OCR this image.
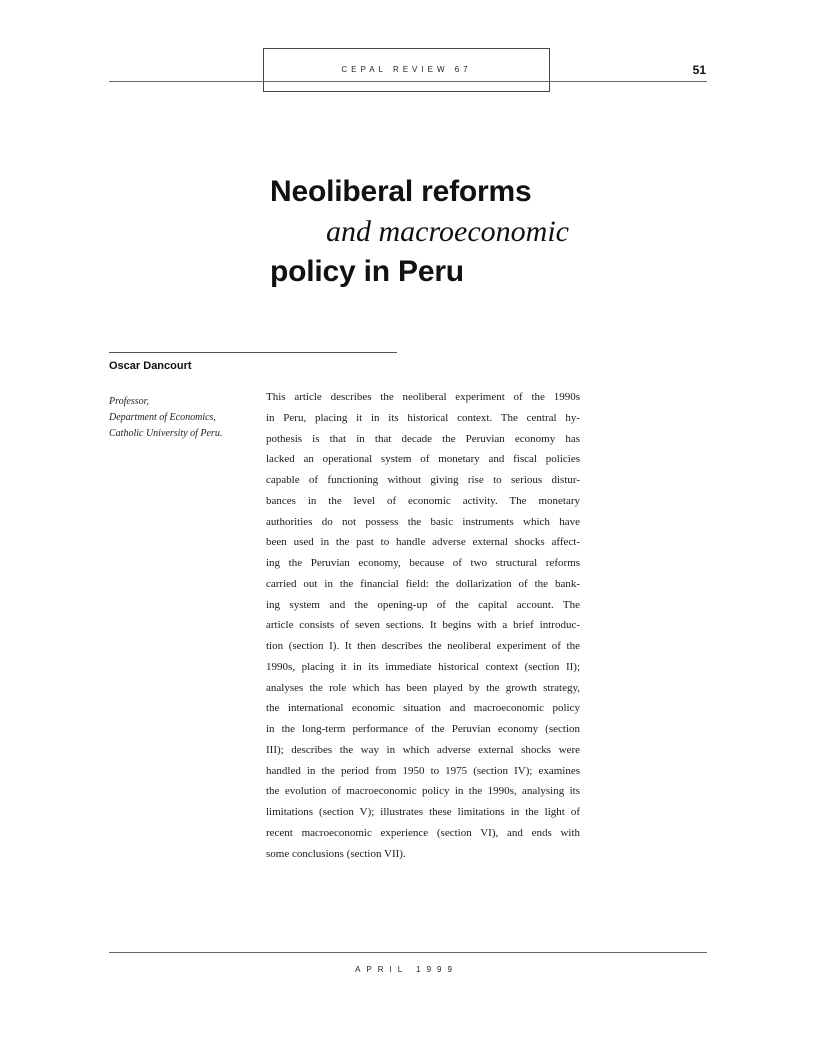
CEPAL REVIEW 67	51
Neoliberal reforms
and macroeconomic
policy in Peru
Oscar Dancourt
Professor,
Department of Economics,
Catholic University of Peru.
This article describes the neoliberal experiment of the 1990s
in Peru, placing it in its historical context. The central hy-
pothesis is that in that decade the Peruvian economy has
lacked an operational system of monetary and fiscal policies
capable of functioning without giving rise to serious distur-
bances in the level of economic activity. The monetary
authorities do not possess the basic instruments which have
been used in the past to handle adverse external shocks affect-
ing the Peruvian economy, because of two structural reforms
carried out in the financial field: the dollarization of the bank-
ing system and the opening-up of the capital account. The
article consists of seven sections. It begins with a brief introduc-
tion (section I). It then describes the neoliberal experiment of the
1990s, placing it in its immediate historical context (section II);
analyses the role which has been played by the growth strategy,
the international economic situation and macroeconomic policy
in the long-term performance of the Peruvian economy (section
III); describes the way in which adverse external shocks were
handled in the period from 1950 to 1975 (section IV); examines
the evolution of macroeconomic policy in the 1990s, analysing its
limitations (section V); illustrates these limitations in the light of
recent macroeconomic experience (section VI), and ends with
some conclusions (section VII).
APRIL 1999
